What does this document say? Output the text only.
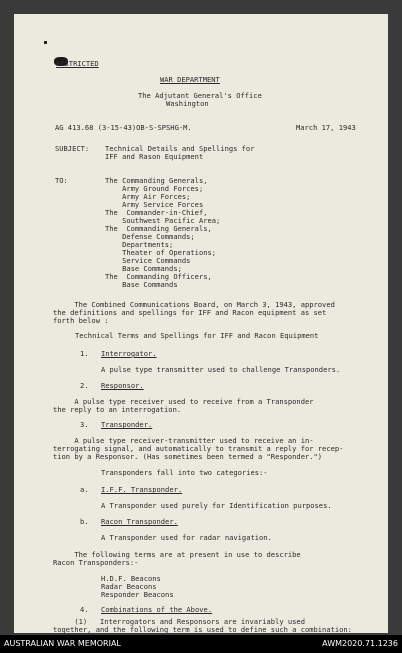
RESTRICTED
WAR DEPARTMENT
The Adjutant General's Office
Washington
AG 413.68 (3-15-43)OB-S-SPSHG-M.	March 17, 1943
SUBJECT: Technical Details and Spellings for
IFF and Rason Equipment
TO:	The Commanding Generals,
Army Ground Forces;
Army Air Forces;
Army Service Forces
The  Commander-in-Chief,
Southwest Pacific Area;
The  Commanding Generals,
Defense Commands;
Departments;
Theater of Operations;
Service Commands
Base Commands;
The  Commanding Officers,
Base Commands
The Combined Communications Board, on March 3, 1943, approved
the definitions and spellings for IFF and Racon equipment as set
forth below :
Technical Terms and Spellings for IFF and Racon Equipment
1. Interrogator.
A pulse type transmitter used to challenge Transponders.
2. Responsor.
A pulse type receiver used to receive from a Transponder
the reply to an interrogation.
3. Transponder.
A pulse type receiver-transmitter used to receive an in-
terrogating signal, and automatically to transmit a reply for recep-
tion by a Responsor. (Has sometimes been termed a "Responder.")
Transponders fall into two categories:-
a. I.F.F. Transponder.
A Transponder used purely for Identification purposes.
b. Racon Transponder.
A Transponder used for radar navigation.
The following terms are at present in use to describe
Racon Transponders:-
H.D.F. Beacons
Radar Beacons
Responder Beacons
4. Combinations of the Above.
(1)   Interrogators and Responsors are invariably used
together, and the following term is used to define such a combination:
AUSTRALIAN WAR MEMORIAL	AWM2020.71.1236
